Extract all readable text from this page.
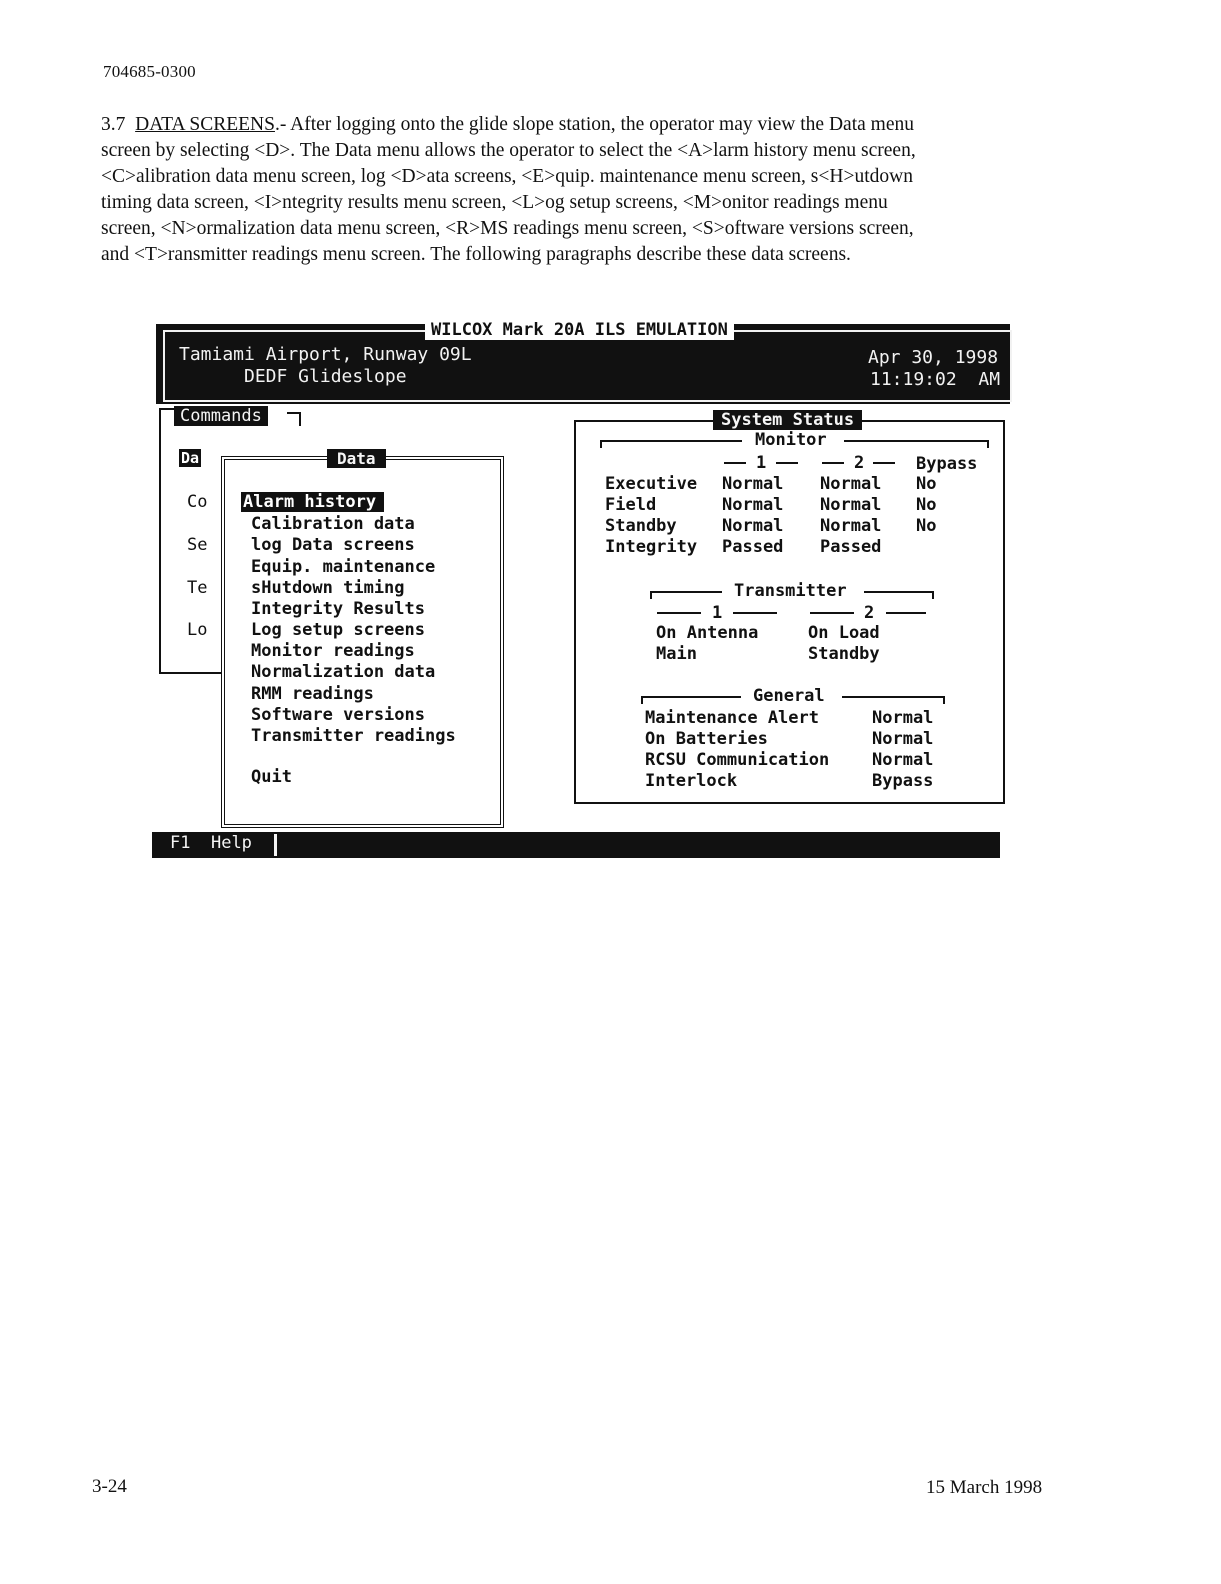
704685-0300

3.7 DATA SCREENS.- After logging onto the glide slope station, the operator may view the Data menu

screen by selecting <D>. The Data menu allows the operator to select the <A>larm history menu screen,

<C>alibration data menu screen, log <D>ata screens, <E>quip. maintenance menu screen, s<H>utdown

timing data screen, <I>ntegrity results menu screen, <L>og setup screens, <M>onitor readings menu

screen, <N>ormalization data menu screen, <R>MS readings menu screen, <S>oftware versions screen,

and <T>ransmitter readings menu screen. The following paragraphs describe these data screens.

Tamiami Airport, Runway 09L
DEDF Glideslope
Apr 30, 1998
11:19:02  AM
WILCOX Mark 20A ILS EMULATION
Commands
Da
Co
Se
Te
Lo
Data
Alarm history
Calibration data
log Data screens
Equip. maintenance
sHutdown timing
Integrity Results
Log setup screens
Monitor readings
Normalization data
RMM readings
Software versions
Transmitter readings
Quit
System Status
Monitor
1	2	Bypass
Executive Normal Normal No
Field	Normal Normal No
Standby	Normal Normal No
Integrity Passed Passed
Transmitter
1	2
On Antenna	On Load
Main	Standby
General
Maintenance Alert	Normal
On Batteries	Normal
RCSU Communication	Normal
Interlock	Bypass
F1 Help
3-24	15 March 1998
